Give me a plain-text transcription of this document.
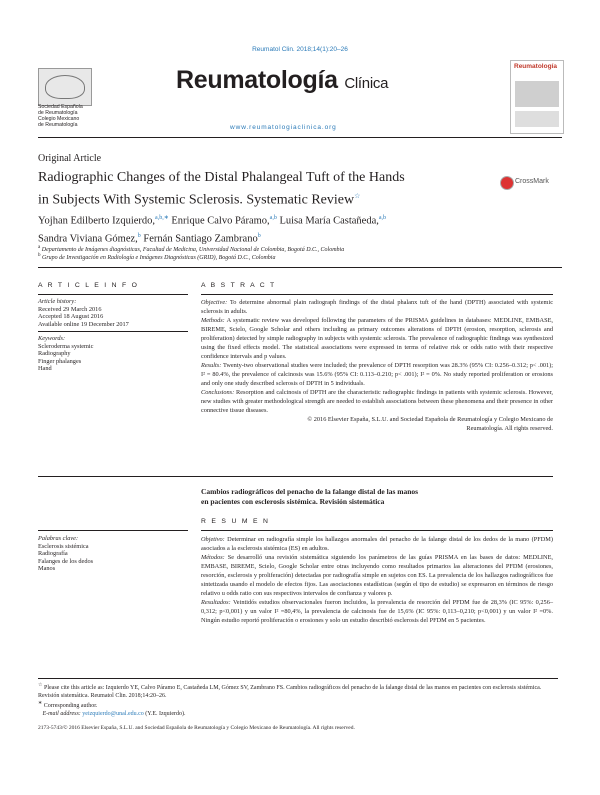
Reumatol Clin. 2018;14(1):20–26
Sociedad Española
de Reumatología
Colegio Mexicano
de Reumatología
Reumatología Clínica
www.reumatologiaclinica.org
Reumatología
Original Article
Radiographic Changes of the Distal Phalangeal Tuft of the Hands
in Subjects With Systemic Sclerosis. Systematic Review☆
CrossMark
Yojhan Edilberto Izquierdo,$^{a,b,∗}$ Enrique Calvo Páramo,$^{a,b}$ Luisa María Castañeda,$^{a,b}$
Sandra Viviana Gómez,$^b$ Fernán Santiago Zambrano$^b$
$^a$ Departamento de Imágenes diagnósticas, Facultad de Medicina, Universidad Nacional de Colombia, Bogotá D.C., Colombia
$^b$ Grupo de Investigación en Radiología e Imágenes Diagnósticas (GRID), Bogotá D.C., Colombia
A R T I C L E I N F O
Article history:
Received 29 March 2016
Accepted 18 August 2016
Available online 19 December 2017
Keywords:
Scleroderma systemic
Radiography
Finger phalanges
Hand
A B S T R A C T

Objective: To determine abnormal plain radiograph findings of the distal phalanx tuft of the hand (DPTH) associated with systemic sclerosis in adults.

Methods: A systematic review was developed following the parameters of the PRISMA guidelines in databases: MEDLINE, EMBASE, BIREME, Scielo, Google Scholar and others including as primary outcomes alterations of DPTH (erosion, resorption, sclerosis and proliferation) detected by simple radiography in subjects with systemic sclerosis. The prevalence of radiographic findings was synthesized using the fixed effects model. The statistical associations were expressed in terms of relative risk or odds ratio with their respective confidence intervals and p values.

Results: Twenty-two observational studies were included; the prevalence of DPTH resorption was 28.3% (95% CI: 0.256–0.312; p< .001); I² = 80.4%, the prevalence of calcinosis was 15.6% (95% CI: 0.113–0.210; p< .001); I² = 0%. No study reported proliferation or erosions and only one study described sclerosis of DPTH in 5 individuals.

Conclusions: Resorption and calcinosis of DPTH are the characteristic radiographic findings in patients with systemic sclerosis. However, new studies with greater methodological strength are needed to establish associations between these phenomena and their presence in other connective tissue diseases.

© 2016 Elsevier España, S.L.U. and Sociedad Española de Reumatología y Colegio Mexicano de
Reumatología. All rights reserved.

Cambios radiográficos del penacho de la falange distal de las manos
en pacientes con esclerosis sistémica. Revisión sistemática
R E S U M E N
Palabras clave:
Esclerosis sistémica
Radiografía
Falanges de los dedos
Manos

Objetivo: Determinar en radiografía simple los hallazgos anormales del penacho de la falange distal de los dedos de la mano (PFDM) asociados a la esclerosis sistémica (ES) en adultos.

Métodos: Se desarrolló una revisión sistemática siguiendo los parámetros de las guías PRISMA en las bases de datos: MEDLINE, EMBASE, BIREME, Scielo, Google Scholar entre otras incluyendo como resultados primarios las alteraciones del PFDM (erosiones, resorción, esclerosis y proliferación) detectadas por radiografía simple en sujetos con ES. La prevalencia de los hallazgos radiográficos fue sintetizada usando el modelo de efectos fijos. Las asociaciones estadísticas (según el tipo de estudio) se expresaron en términos de riesgo relativo u odds ratio con sus respectivos intervalos de confianza y valores p.

Resultados: Veintidós estudios observacionales fueron incluidos, la prevalencia de resorción del PFDM fue de 28,3% (IC 95%: 0,256–0,312; p<0,001) y un valor I² =80,4%, la prevalencia de calcinosis fue de 15,6% (IC 95%: 0,113–0,210; p<0,001) y un valor I² =0%. Ningún estudio reportó proliferación o erosiones y solo un estudio describió esclerosis del PFDM en 5 pacientes.

☆ Please cite this article as: Izquierdo YE, Calvo Páramo E, Castañeda LM, Gómez SV, Zambrano FS. Cambios radiográficos del penacho de la falange distal de las manos en pacientes con esclerosis sistémica. Revisión sistemática. Reumatol Clin. 2018;14:20–26.
∗ Corresponding author.
E-mail address: yeizquierdo@unal.edu.co (Y.E. Izquierdo).
2173-5743/© 2016 Elsevier España, S.L.U. and Sociedad Española de Reumatología y Colegio Mexicano de Reumatología. All rights reserved.
